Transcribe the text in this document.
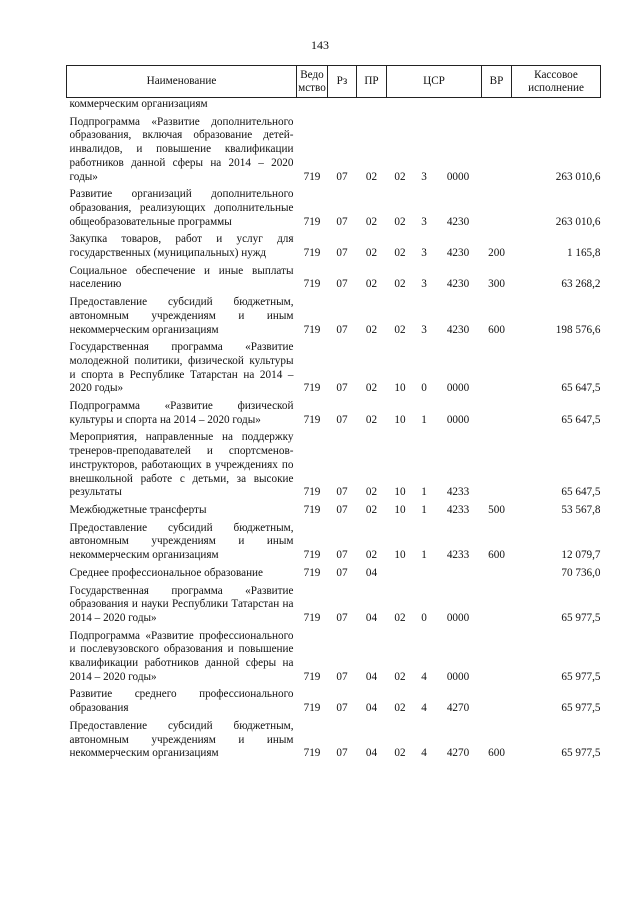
143
Наименование	Ведомство	Рз	ПР	ЦСР			ВР	Кассовое исполнение
коммерческим организациям								
Подпрограмма «Развитие дополнительного образования, включая образование детей-инвалидов, и повышение квалификации работников данной сферы на 2014 – 2020 годы»	719	07	02	02	3	0000		263 010,6
Развитие организаций дополнительного образования, реализующих дополнительные общеобразовательные программы	719	07	02	02	3	4230		263 010,6
Закупка товаров, работ и услуг для государственных (муниципальных) нужд	719	07	02	02	3	4230	200	1 165,8
Социальное обеспечение и иные выплаты населению	719	07	02	02	3	4230	300	63 268,2
Предоставление субсидий бюджетным, автономным учреждениям и иным некоммерческим организациям	719	07	02	02	3	4230	600	198 576,6
Государственная программа «Развитие молодежной политики, физической культуры и спорта в Республике Татарстан на 2014 – 2020 годы»	719	07	02	10	0	0000		65 647,5
Подпрограмма «Развитие физической культуры и спорта на 2014 – 2020 годы»	719	07	02	10	1	0000		65 647,5
Мероприятия, направленные на поддержку тренеров-преподавателей и спортсменов-инструкторов, работающих в учреждениях по внешкольной работе с детьми, за высокие результаты	719	07	02	10	1	4233		65 647,5
Межбюджетные трансферты	719	07	02	10	1	4233	500	53 567,8
Предоставление субсидий бюджетным, автономным учреждениям и иным некоммерческим организациям	719	07	02	10	1	4233	600	12 079,7
Среднее профессиональное образование	719	07	04					70 736,0
Государственная программа «Развитие образования и науки Республики Татарстан на 2014 – 2020 годы»	719	07	04	02	0	0000		65 977,5
Подпрограмма «Развитие профессионального и послевузовского образования и повышение квалификации работников данной сферы на 2014 – 2020 годы»	719	07	04	02	4	0000		65 977,5
Развитие среднего профессионального образования	719	07	04	02	4	4270		65 977,5
Предоставление субсидий бюджетным, автономным учреждениям и иным некоммерческим организациям	719	07	04	02	4	4270	600	65 977,5
